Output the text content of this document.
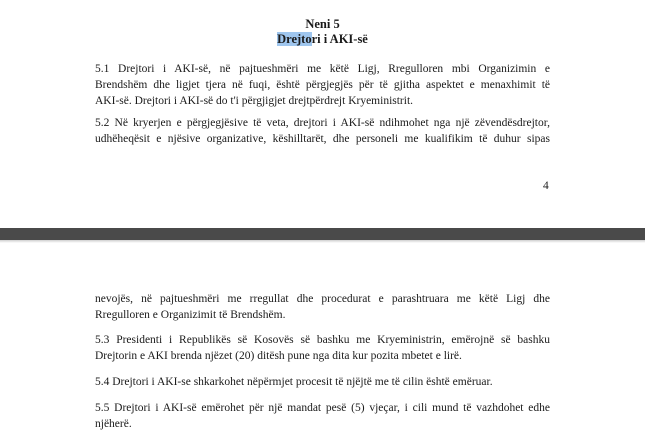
Neni 5
Drejtori i AKI-së
5.1 Drejtori i AKI-së, në pajtueshmëri me këtë Ligj, Rregulloren mbi Organizimin e
Brendshëm dhe ligjet tjera në fuqi, është përgjegjës për të gjitha aspektet e menaxhimit të
AKI-së. Drejtori i AKI-së do t'i përgjigjet drejtpërdrejt Kryeministrit.
5.2 Në kryerjen e përgjegjësive të veta, drejtori i AKI-së ndihmohet nga një zëvendësdrejtor,
udhëheqësit e njësive organizative, këshilltarët, dhe personeli me kualifikim të duhur sipas
4
nevojës, në pajtueshmëri me rregullat dhe procedurat e parashtruara me këtë Ligj dhe
Rregulloren e Organizimit të Brendshëm.
5.3 Presidenti i Republikës së Kosovës së bashku me Kryeministrin, emërojnë së bashku
Drejtorin e AKI brenda njëzet (20) ditësh pune nga dita kur pozita mbetet e lirë.
5.4 Drejtori i AKI-se shkarkohet nëpërmjet procesit të njëjtë me të cilin është emëruar.
5.5 Drejtori i AKI-së emërohet për një mandat pesë (5) vjeçar, i cili mund të vazhdohet edhe
njëherë.
